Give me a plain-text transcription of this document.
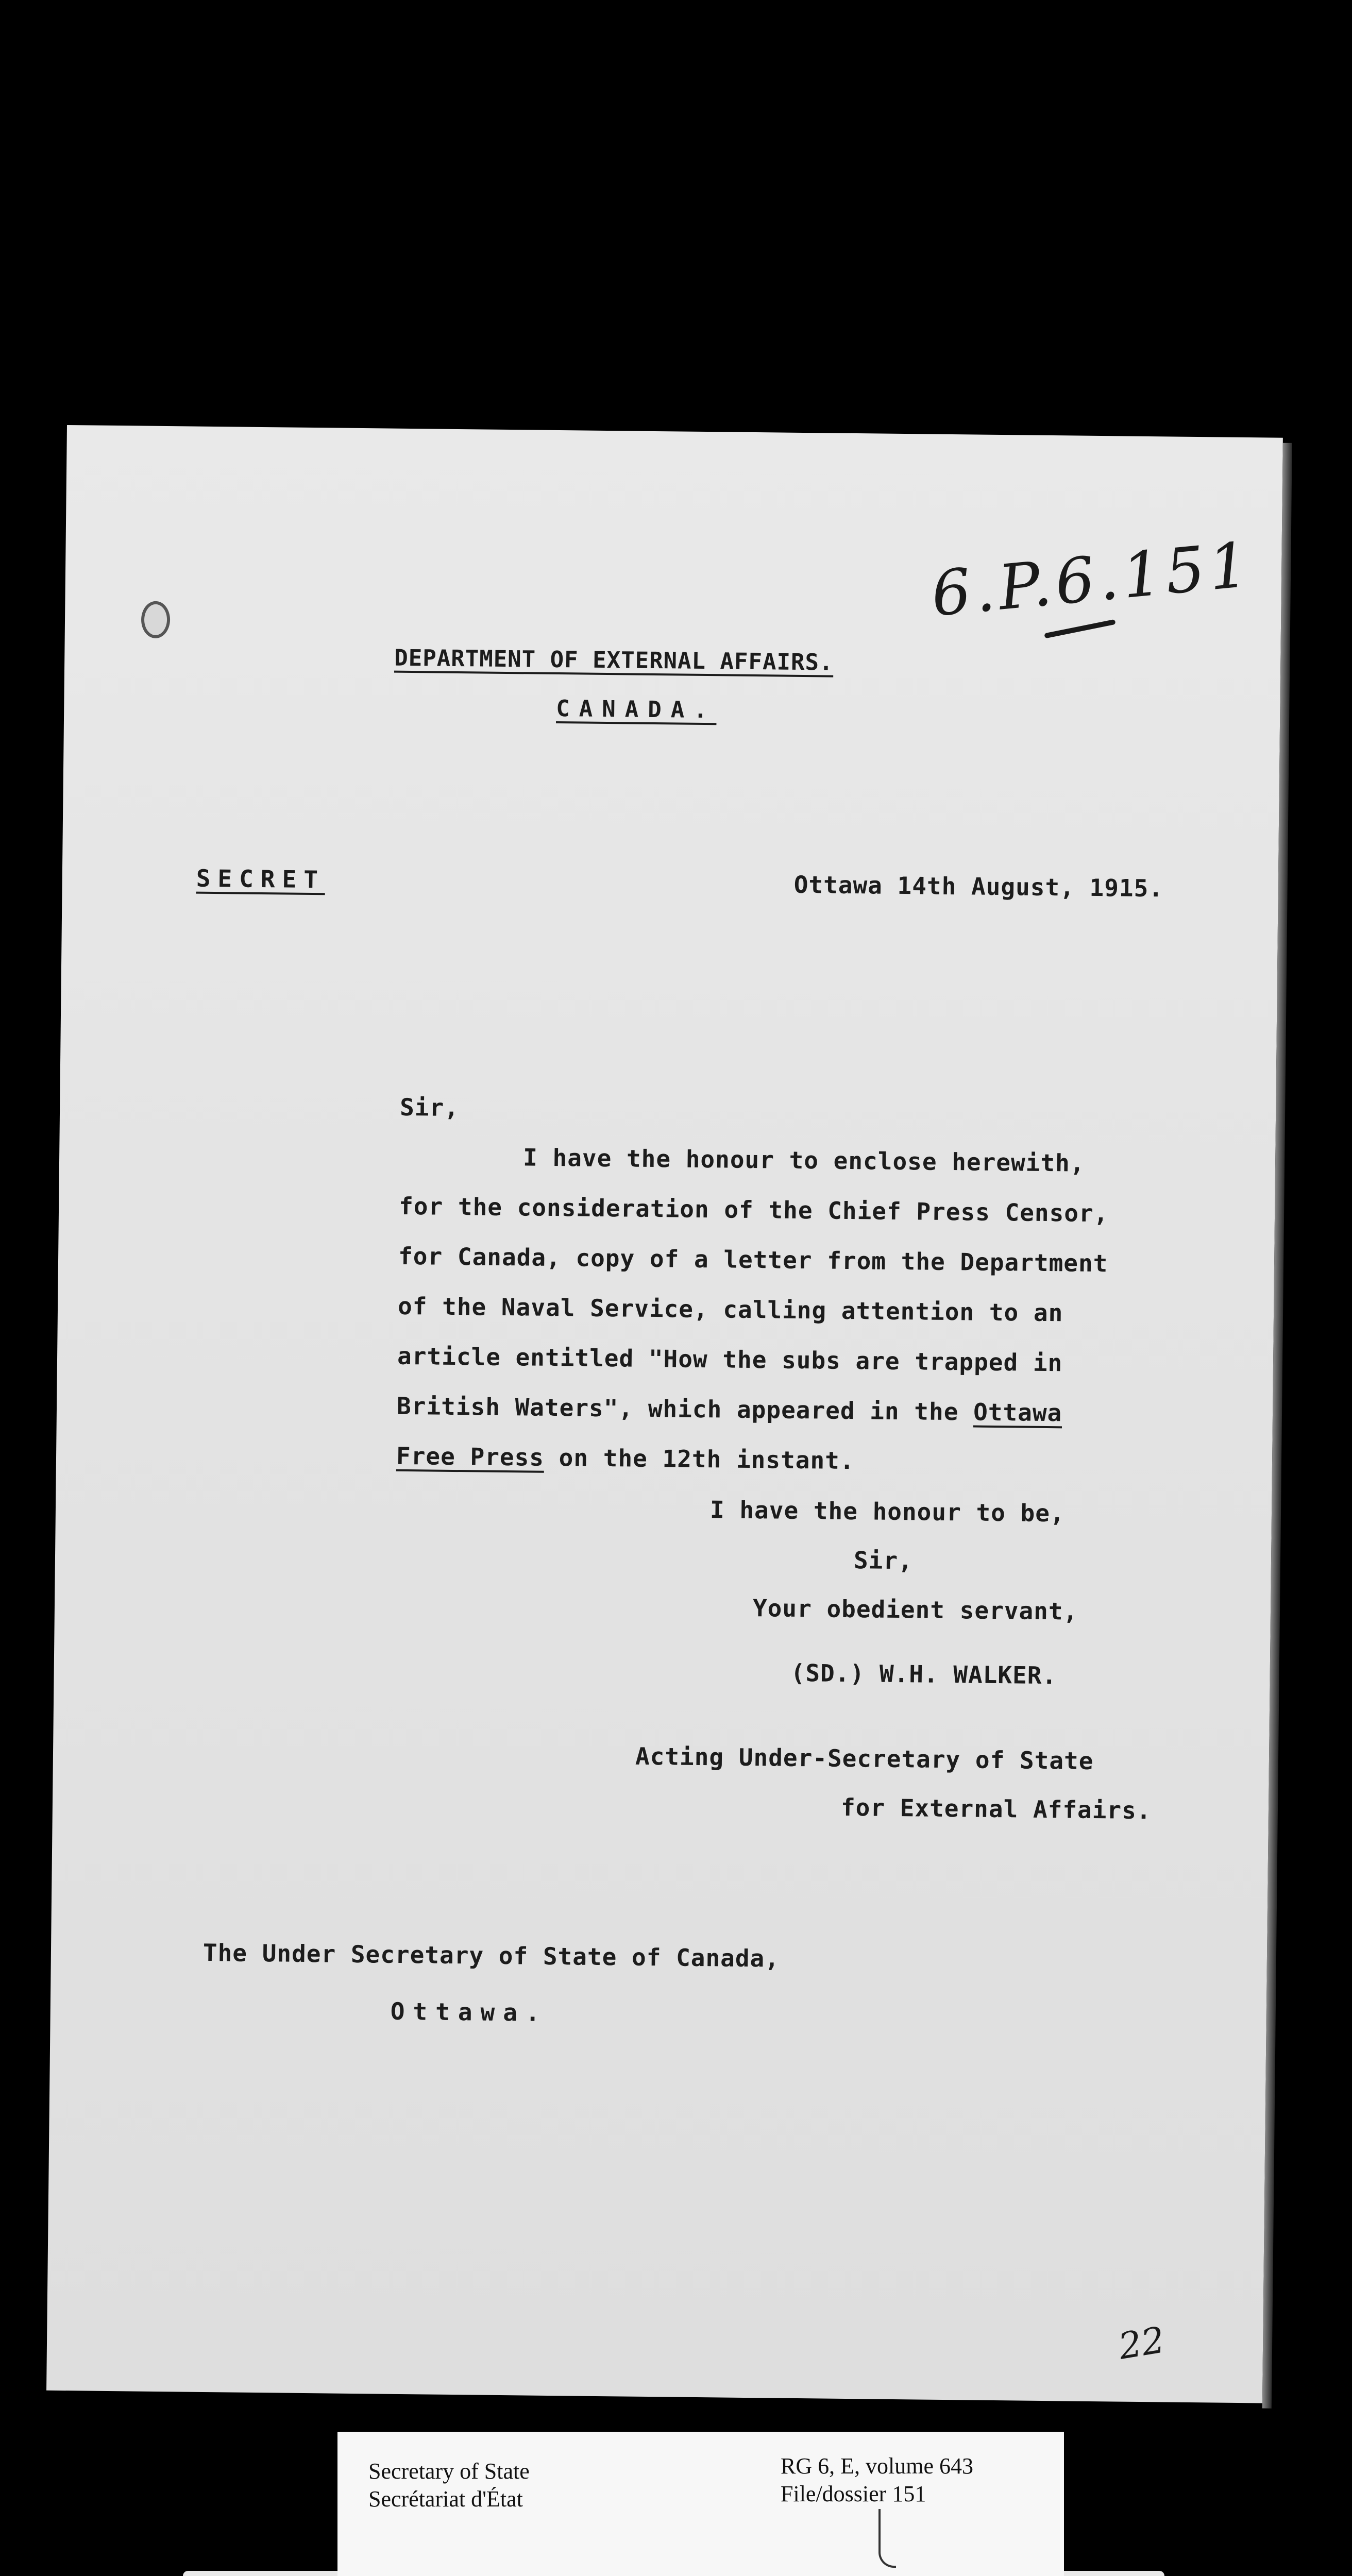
6.P.6.151
DEPARTMENT OF EXTERNAL AFFAIRS.
CANADA.
SECRET	Ottawa 14th August, 1915.
Sir,
I have the honour to enclose herewith,
for the consideration of the Chief Press Censor,
for Canada, copy of a letter from the Department
of the Naval Service, calling attention to an
article entitled "How the subs are trapped in
British Waters", which appeared in the Ottawa
Free Press on the 12th instant.
I have the honour to be,
Sir,
Your obedient servant,
(SD.) W.H. WALKER.
Acting Under-Secretary of State
for External Affairs.
The Under Secretary of State of Canada,
Ottawa.
22
Secretary of State
Secrétariat d'État
RG 6, E, volume 643
File/dossier 151
